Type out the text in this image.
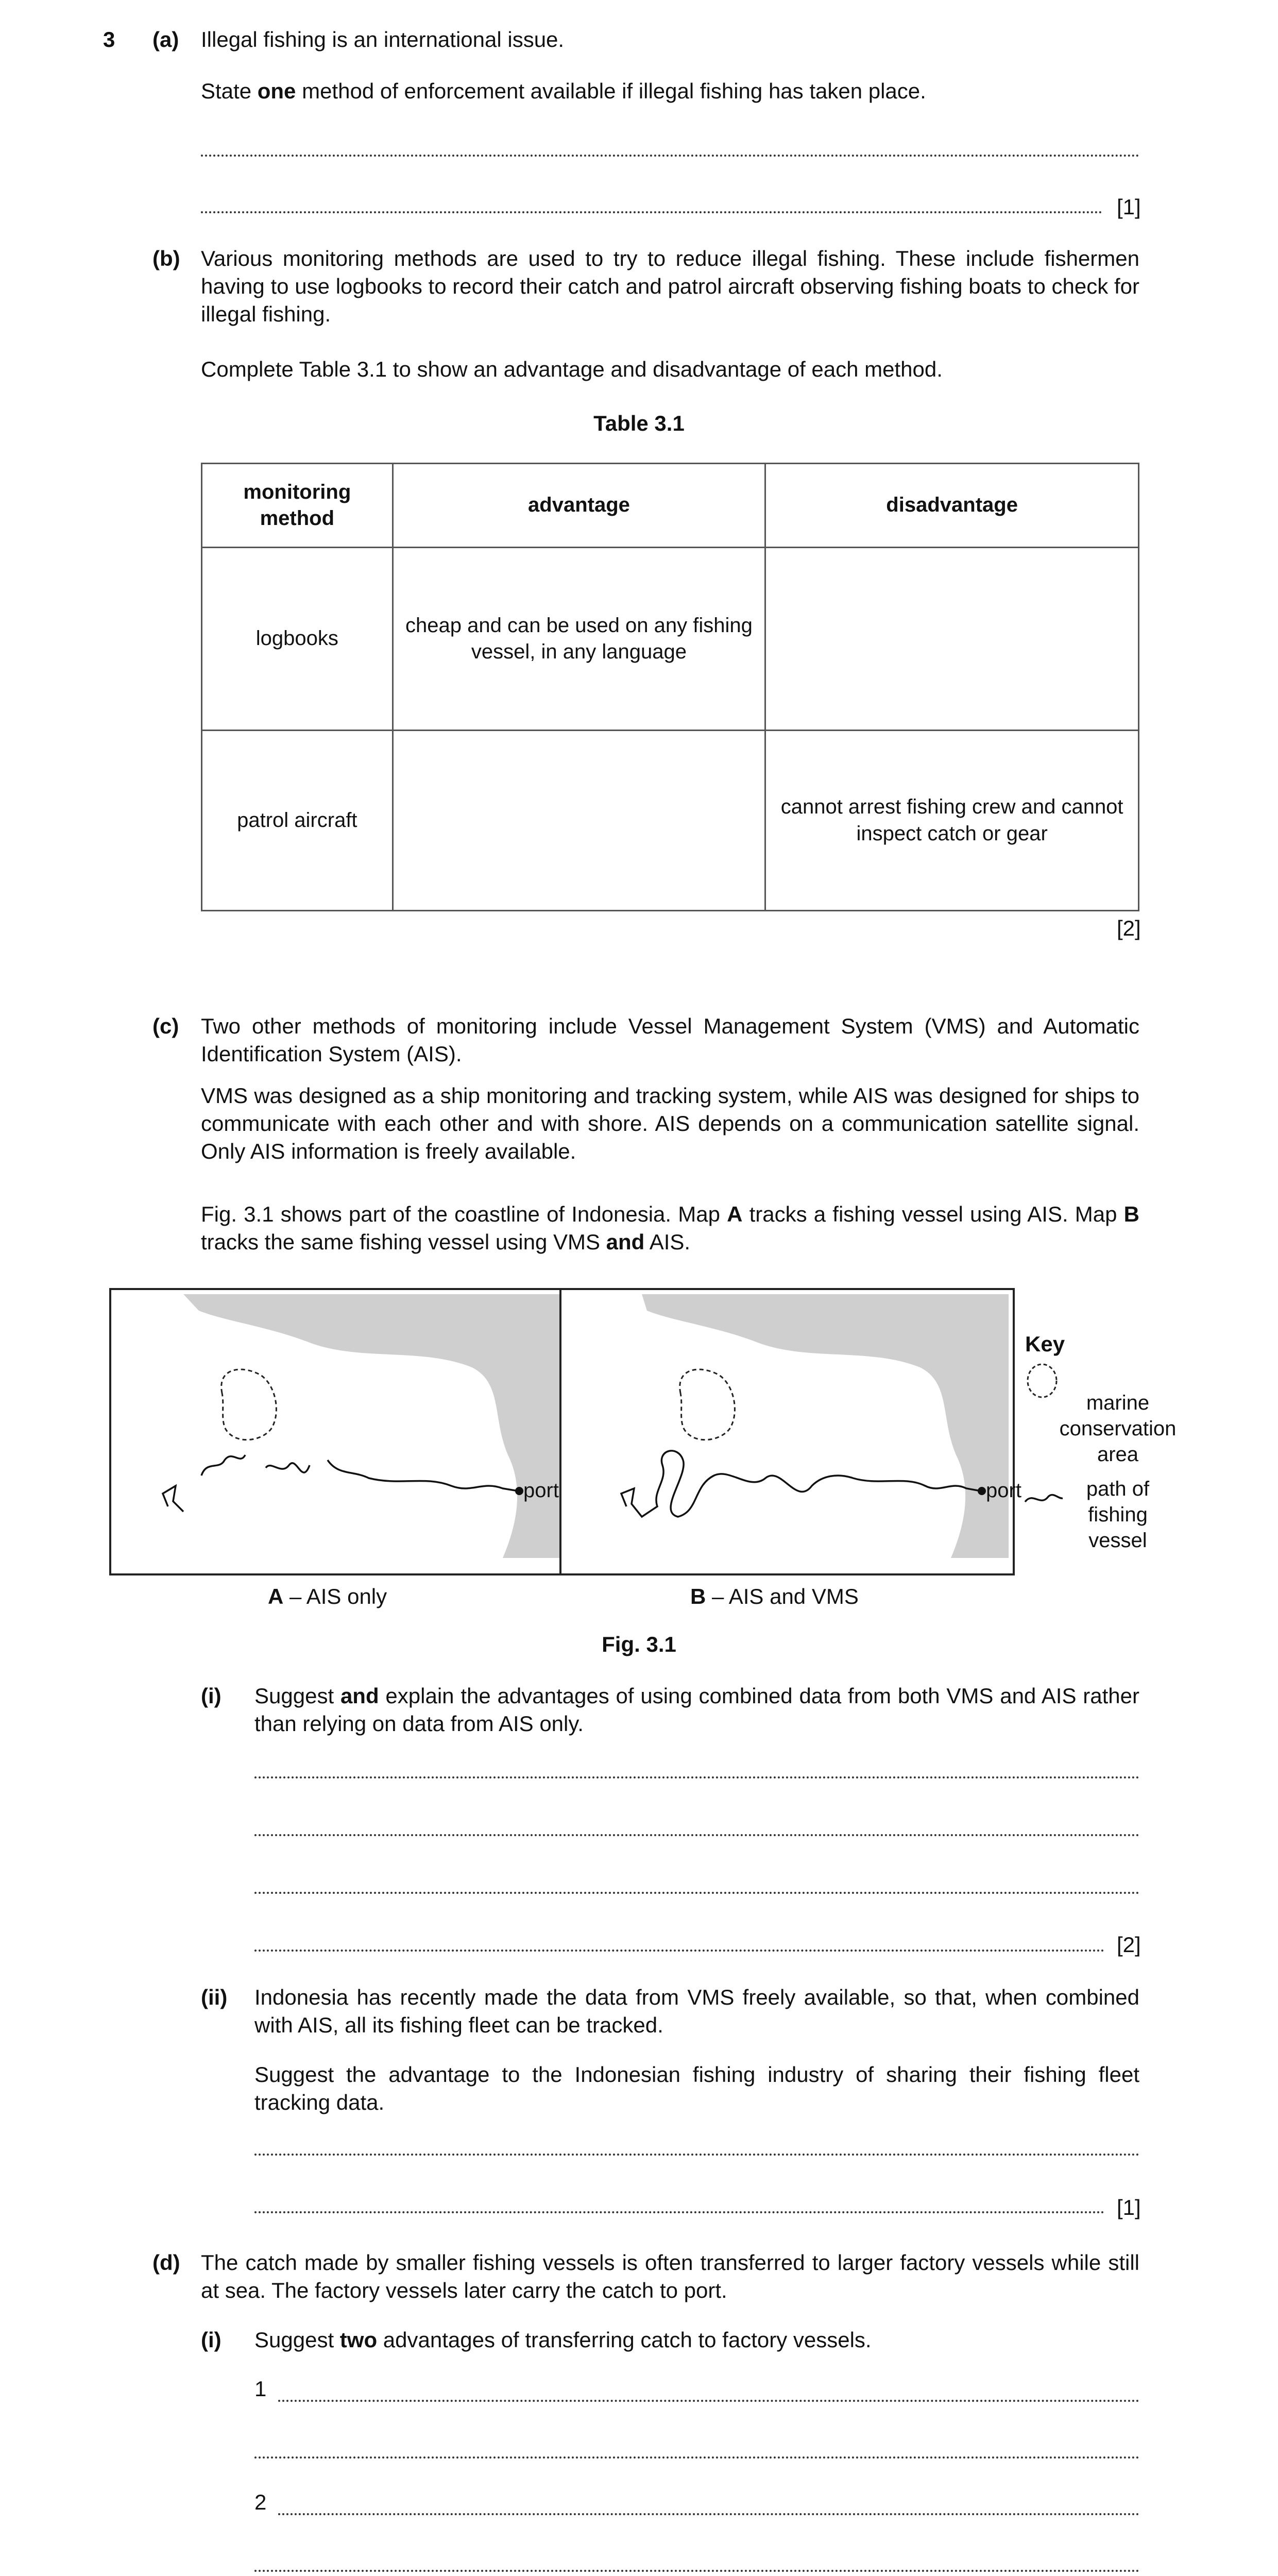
3 (a) Illegal fishing is an international issue.
State one method of enforcement available if illegal fishing has taken place.
[1]
(b) Various monitoring methods are used to try to reduce illegal fishing. These include fishermen having to use logbooks to record their catch and patrol aircraft observing fishing boats to check for illegal fishing.

Complete Table 3.1 to show an advantage and disadvantage of each method.

Table 3.1
monitoring method	advantage	disadvantage
logbooks	cheap and can be used on any fishing vessel, in any language	
patrol aircraft		cannot arrest fishing crew and cannot inspect catch or gear
[2]
(c) Two other methods of monitoring include Vessel Management System (VMS) and Automatic Identification System (AIS).

VMS was designed as a ship monitoring and tracking system, while AIS was designed for ships to communicate with each other and with shore. AIS depends on a communication satellite signal. Only AIS information is freely available.

Fig. 3.1 shows part of the coastline of Indonesia. Map A tracks a fishing vessel using AIS. Map B tracks the same fishing vessel using VMS and AIS.

port	port
Key
marine conservation area
path of fishing vessel
A – AIS only	B – AIS and VMS
Fig. 3.1
(i) Suggest and explain the advantages of using combined data from both VMS and AIS rather than relying on data from AIS only.

[2]
(ii) Indonesia has recently made the data from VMS freely available, so that, when combined with AIS, all its fishing fleet can be tracked.

Suggest the advantage to the Indonesian fishing industry of sharing their fishing fleet tracking data.

[1]
(d) The catch made by smaller fishing vessels is often transferred to larger factory vessels while still at sea. The factory vessels later carry the catch to port.

(i) Suggest two advantages of transferring catch to factory vessels.

1
2
